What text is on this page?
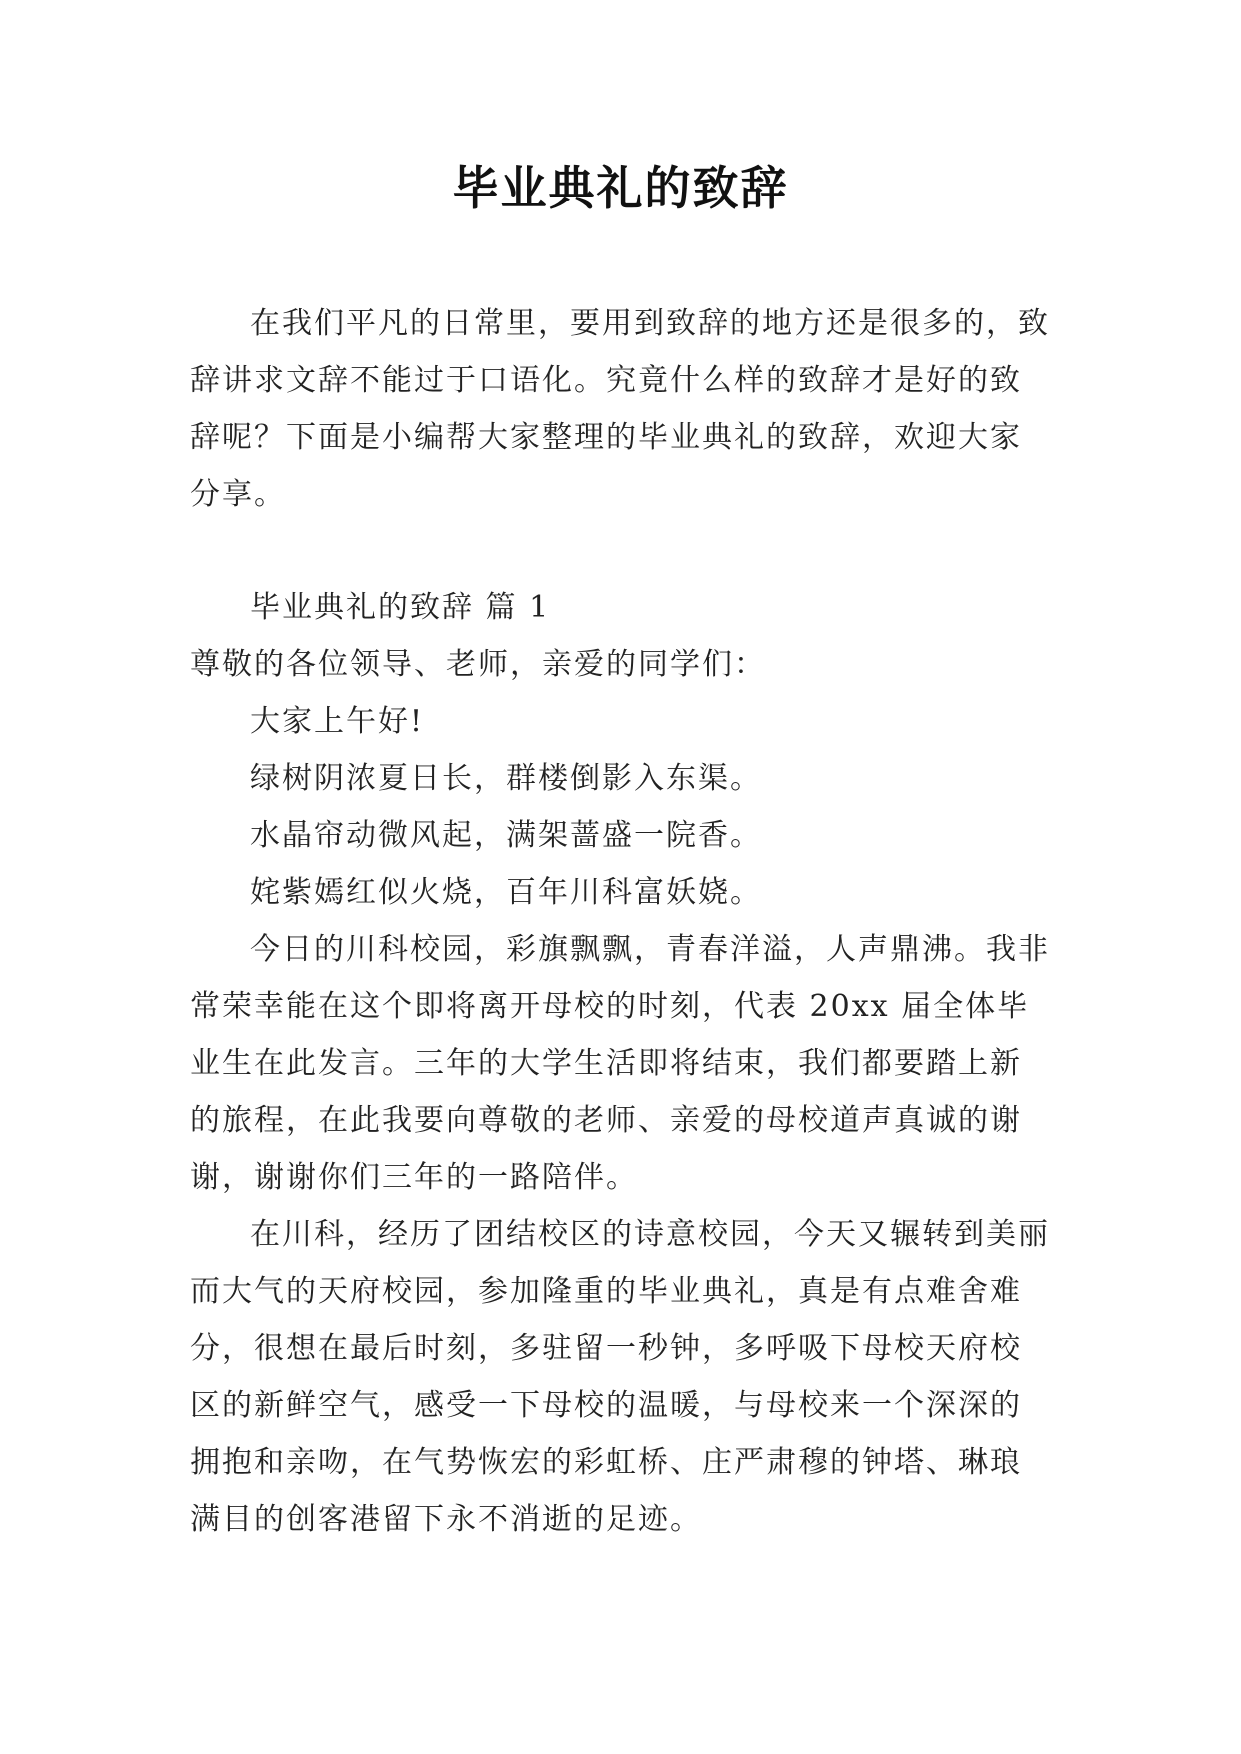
毕业典礼的致辞

在我们平凡的日常里，要用到致辞的地方还是很多的，致辞讲求文辞不能过于口语化。究竟什么样的致辞才是好的致辞呢？下面是小编帮大家整理的毕业典礼的致辞，欢迎大家分享。

毕业典礼的致辞 篇 1

尊敬的各位领导、老师，亲爱的同学们：

大家上午好!

绿树阴浓夏日长，群楼倒影入东渠。

水晶帘动微风起，满架蔷盛一院香。

姹紫嫣红似火烧，百年川科富妖娆。

今日的川科校园，彩旗飘飘，青春洋溢，人声鼎沸。我非常荣幸能在这个即将离开母校的时刻，代表 20xx 届全体毕业生在此发言。三年的大学生活即将结束，我们都要踏上新的旅程，在此我要向尊敬的老师、亲爱的母校道声真诚的谢谢，谢谢你们三年的一路陪伴。

在川科，经历了团结校区的诗意校园，今天又辗转到美丽而大气的天府校园，参加隆重的毕业典礼，真是有点难舍难分，很想在最后时刻，多驻留一秒钟，多呼吸下母校天府校区的新鲜空气，感受一下母校的温暖，与母校来一个深深的拥抱和亲吻，在气势恢宏的彩虹桥、庄严肃穆的钟塔、琳琅满目的创客港留下永不消逝的足迹。
